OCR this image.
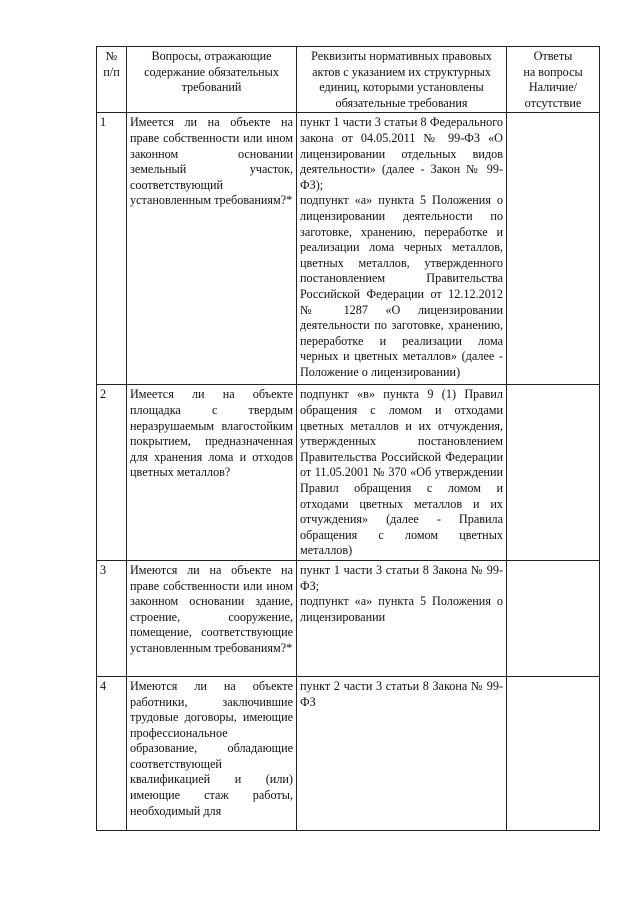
№
п/п	Вопросы, отражающие
содержание обязательных
требований	Реквизиты нормативных правовых
актов с указанием их структурных
единиц, которыми установлены
обязательные требования	Ответы
на вопросы
Наличие/
отсутствие
1	Имеется ли на объекте на праве собственности или ином законном основании земельный участок, соответствующий установленным требованиям?*	пункт 1 части 3 статьи 8 Федерального закона от 04.05.2011 № 99-ФЗ «О лицензировании отдельных видов деятельности» (далее - Закон № 99-ФЗ);
подпункт «а» пункта 5 Положения о лицензировании деятельности по заготовке, хранению, переработке и реализации лома черных металлов, цветных металлов, утвержденного постановлением Правительства Российской Федерации от 12.12.2012 № 1287 «О лицензировании деятельности по заготовке, хранению, переработке и реализации лома черных и цветных металлов» (далее - Положение о лицензировании)	
2	Имеется ли на объекте площадка с твердым неразрушаемым влагостойким покрытием, предназначенная для хранения лома и отходов цветных металлов?	подпункт «в» пункта 9 (1) Правил обращения с ломом и отходами цветных металлов и их отчуждения, утвержденных постановлением Правительства Российской Федерации от 11.05.2001 № 370 «Об утверждении Правил обращения с ломом и отходами цветных металлов и их отчуждения» (далее - Правила обращения с ломом цветных металлов)	
3	Имеются ли на объекте на праве собственности или ином законном основании здание, строение, сооружение, помещение, соответствующие установленным требованиям?*	пункт 1 части 3 статьи 8 Закона № 99-ФЗ;
подпункт «а» пункта 5 Положения о лицензировании	
4	Имеются ли на объекте работники, заключившие трудовые договоры, имеющие профессиональное образование, обладающие соответствующей квалификацией и (или) имеющие стаж работы, необходимый для	пункт 2 части 3 статьи 8 Закона № 99-ФЗ	
